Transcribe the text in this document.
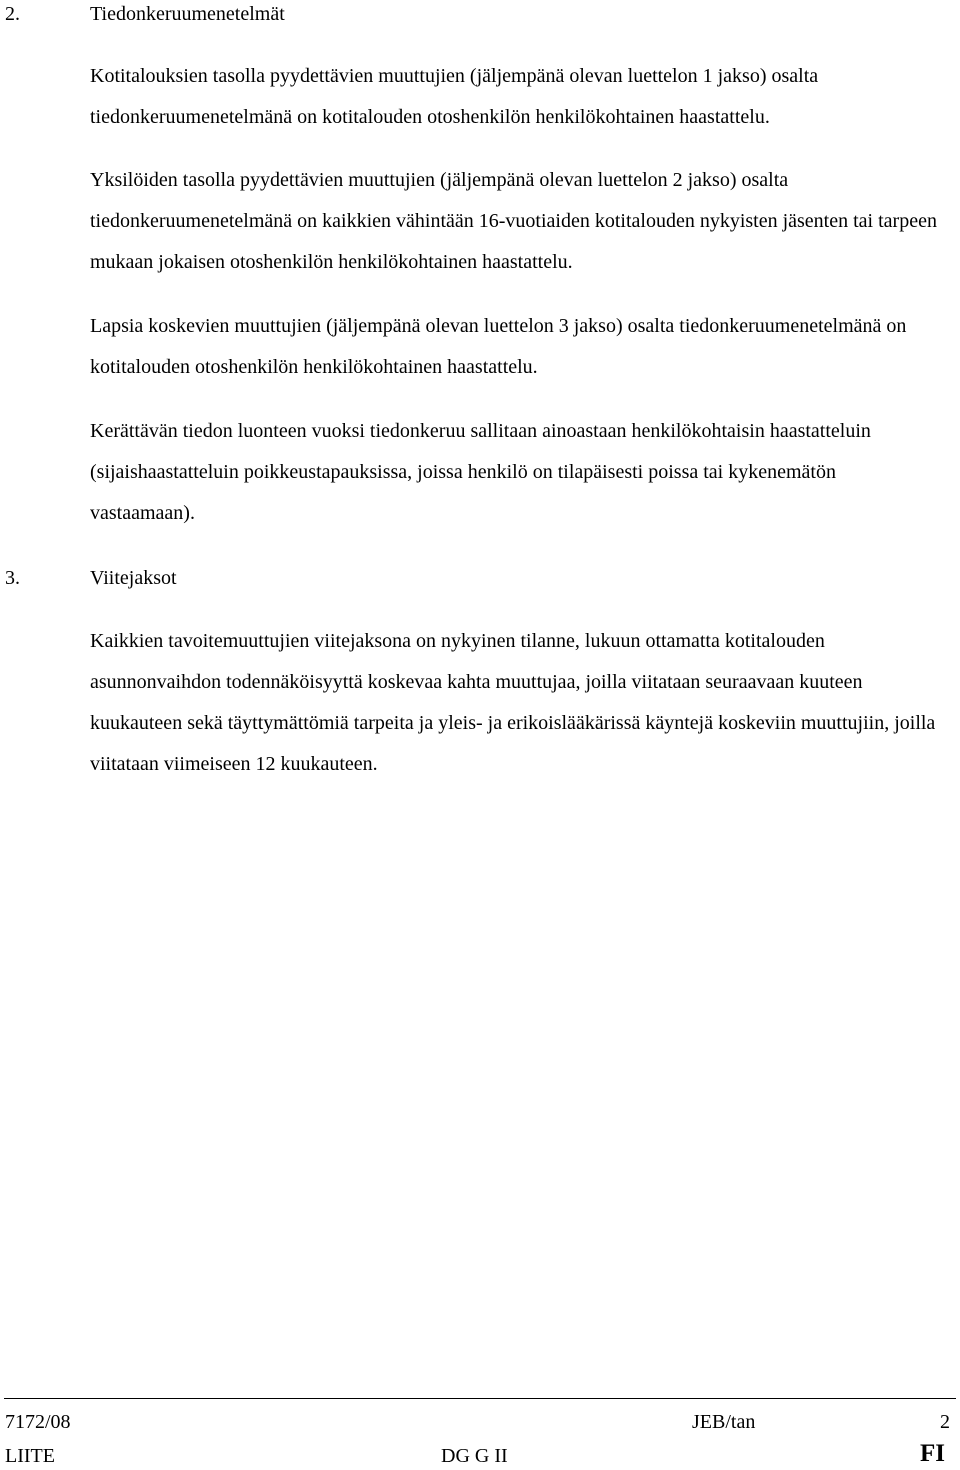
2.	Tiedonkeruumenetelmät

Kotitalouksien tasolla pyydettävien muuttujien (jäljempänä olevan luettelon 1 jakso) osalta tiedonkeruumenetelmänä on kotitalouden otoshenkilön henkilökohtainen haastattelu.

Yksilöiden tasolla pyydettävien muuttujien (jäljempänä olevan luettelon 2 jakso) osalta tiedonkeruumenetelmänä on kaikkien vähintään 16-vuotiaiden kotitalouden nykyisten jäsenten tai tarpeen mukaan jokaisen otoshenkilön henkilökohtainen haastattelu.

Lapsia koskevien muuttujien (jäljempänä olevan luettelon 3 jakso) osalta tiedonkeruumenetelmänä on kotitalouden otoshenkilön henkilökohtainen haastattelu.

Kerättävän tiedon luonteen vuoksi tiedonkeruu sallitaan ainoastaan henkilökohtaisin haastatteluin (sijaishaastatteluin poikkeustapauksissa, joissa henkilö on tilapäisesti poissa tai kykenemätön vastaamaan).

3.	Viitejaksot

Kaikkien tavoitemuuttujien viitejaksona on nykyinen tilanne, lukuun ottamatta kotitalouden asunnonvaihdon todennäköisyyttä koskevaa kahta muuttujaa, joilla viitataan seuraavaan kuuteen kuukauteen sekä täyttymättömiä tarpeita ja yleis- ja erikoislääkärissä käyntejä koskeviin muuttujiin, joilla viitataan viimeiseen 12 kuukauteen.

7172/08	JEB/tan	2
LIITE	DG G II	FI
